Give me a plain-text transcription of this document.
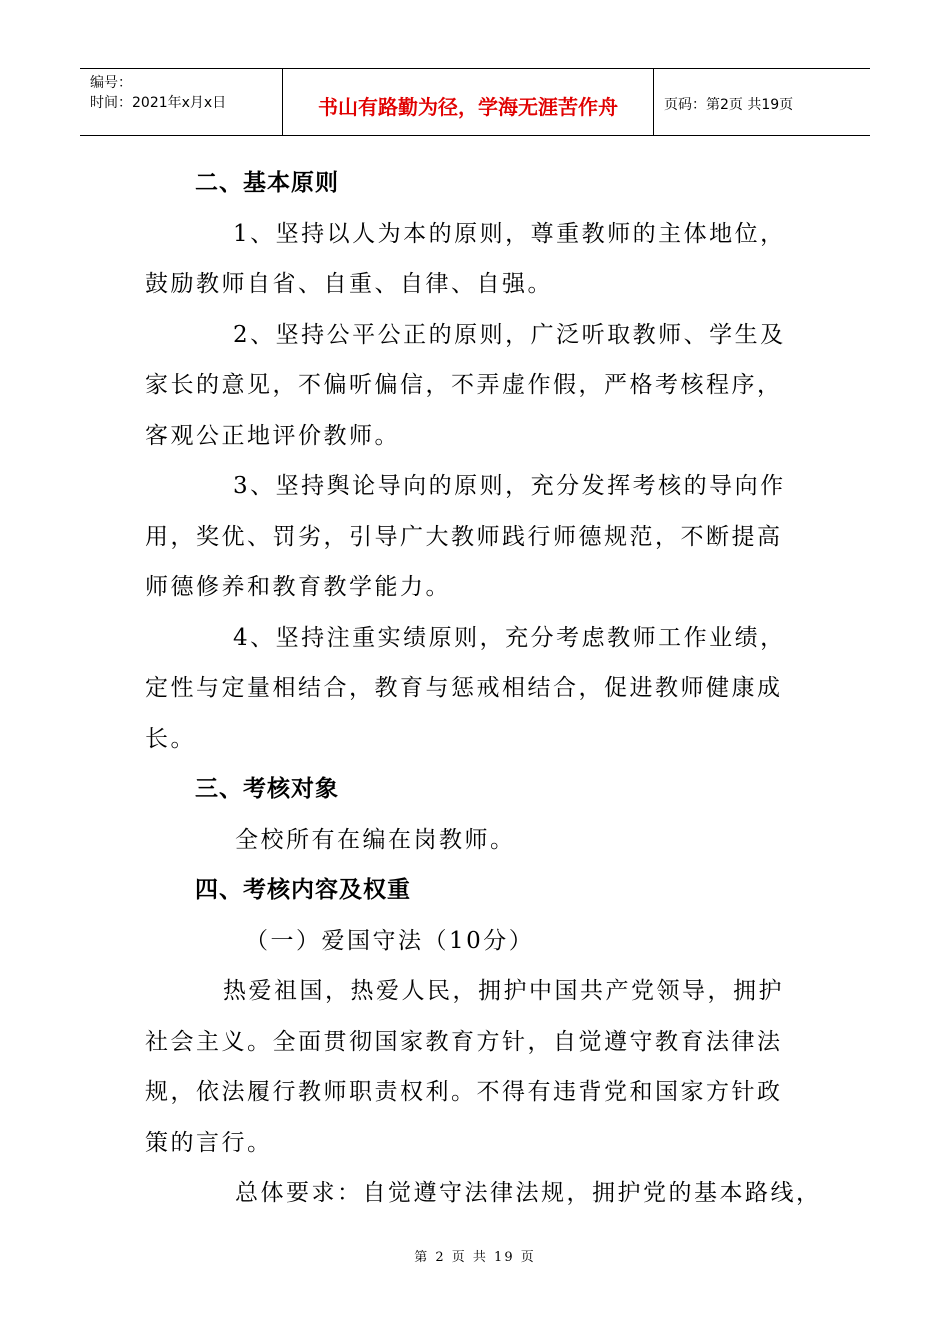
编号：
时间：2021年x月x日	书山有路勤为径，学海无涯苦作舟	页码：第2页 共19页
二、基本原则
1、坚持以人为本的原则，尊重教师的主体地位，
鼓励教师自省、自重、自律、自强。
2、坚持公平公正的原则，广泛听取教师、学生及
家长的意见，不偏听偏信，不弄虚作假，严格考核程序，
客观公正地评价教师。
3、坚持舆论导向的原则，充分发挥考核的导向作
用，奖优、罚劣，引导广大教师践行师德规范，不断提高
师德修养和教育教学能力。
4、坚持注重实绩原则，充分考虑教师工作业绩，
定性与定量相结合，教育与惩戒相结合，促进教师健康成
长。
三、考核对象
全校所有在编在岗教师。
四、考核内容及权重
（一）爱国守法（10分）
热爱祖国，热爱人民，拥护中国共产党领导，拥护
社会主义。全面贯彻国家教育方针，自觉遵守教育法律法
规，依法履行教师职责权利。不得有违背党和国家方针政
策的言行。
总体要求：自觉遵守法律法规，拥护党的基本路线，
第 2 页 共 19 页
